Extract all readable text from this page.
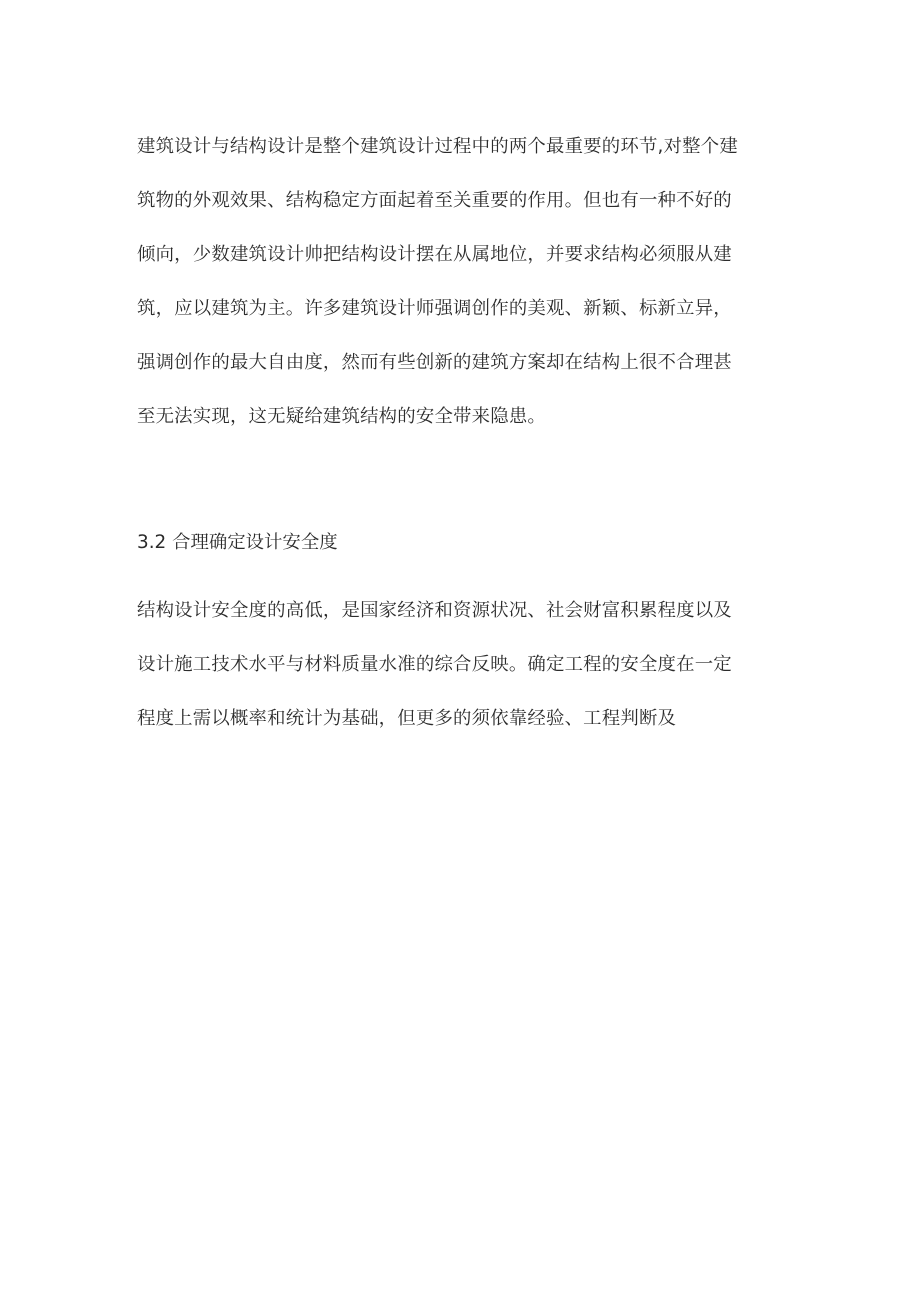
建筑设计与结构设计是整个建筑设计过程中的两个最重要的环节,对整个建
筑物的外观效果、结构稳定方面起着至关重要的作用。但也有一种不好的
倾向，少数建筑设计帅把结构设计摆在从属地位，并要求结构必须服从建
筑，应以建筑为主。许多建筑设计师强调创作的美观、新颖、标新立异，
强调创作的最大自由度，然而有些创新的建筑方案却在结构上很不合理甚
至无法实现，这无疑给建筑结构的安全带来隐患。
3.2 合理确定设计安全度
结构设计安全度的高低，是国家经济和资源状况、社会财富积累程度以及
设计施工技术水平与材料质量水准的综合反映。确定工程的安全度在一定
程度上需以概率和统计为基础，但更多的须依靠经验、工程判断及
